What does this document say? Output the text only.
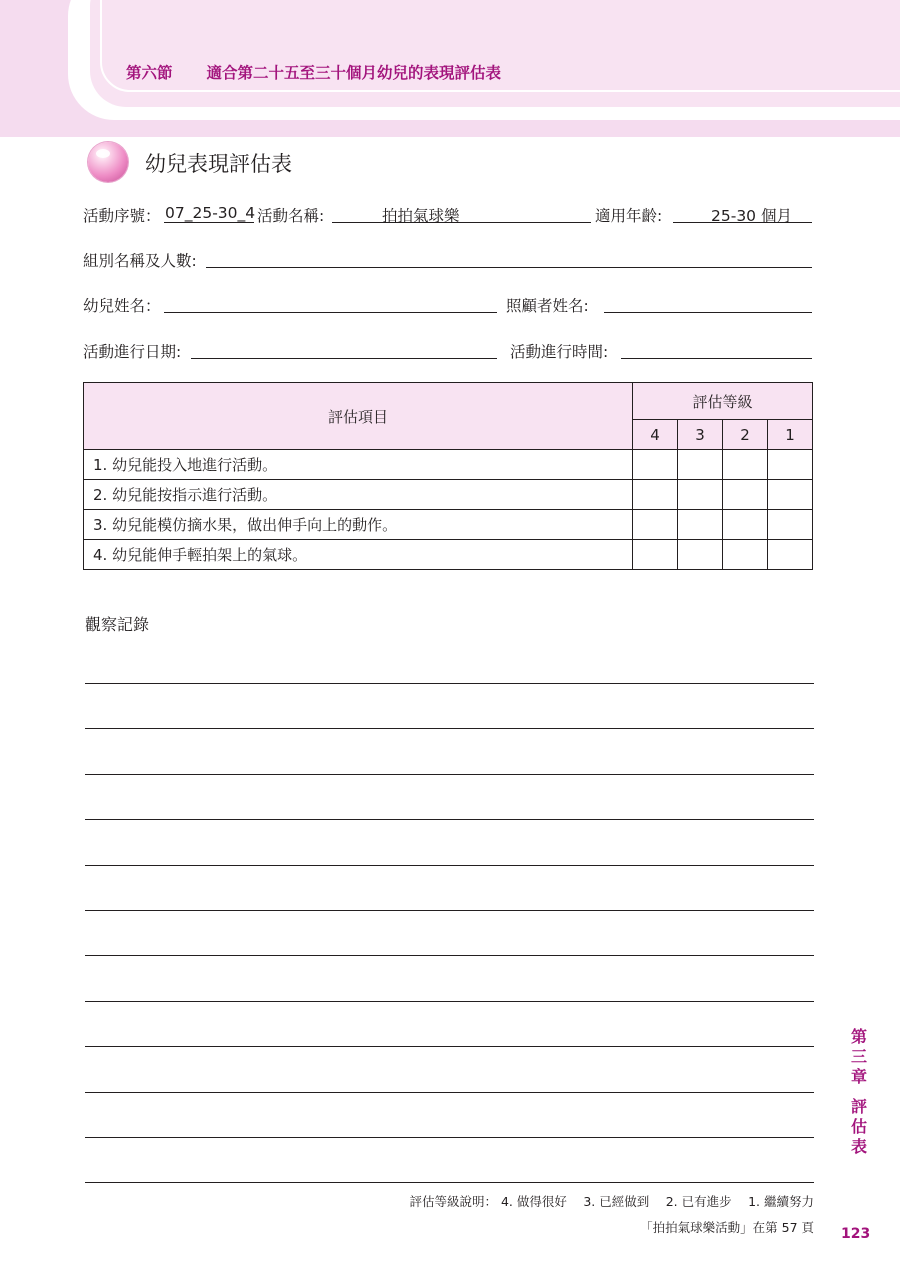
第六節 適合第二十五至三十個月幼兒的表現評估表
幼兒表現評估表
活動序號： 07_25-30_4 活動名稱:	拍拍氣球樂	適用年齡:	25-30 個月
組別名稱及人數:
幼兒姓名：	照顧者姓名:
活動進行日期:	活動進行時間:
評估項目	評估等級			
	4	3	2	1
1. 幼兒能投入地進行活動。				
2. 幼兒能按指示進行活動。				
3. 幼兒能模仿摘水果，做出伸手向上的動作。				
4. 幼兒能伸手輕拍架上的氣球。				
觀察記錄
第
三
章
評
估
表
評估等級說明： 4. 做得很好　 3. 已經做到　 2. 已有進步　 1. 繼續努力
「拍拍氣球樂活動」在第 57 頁 123
